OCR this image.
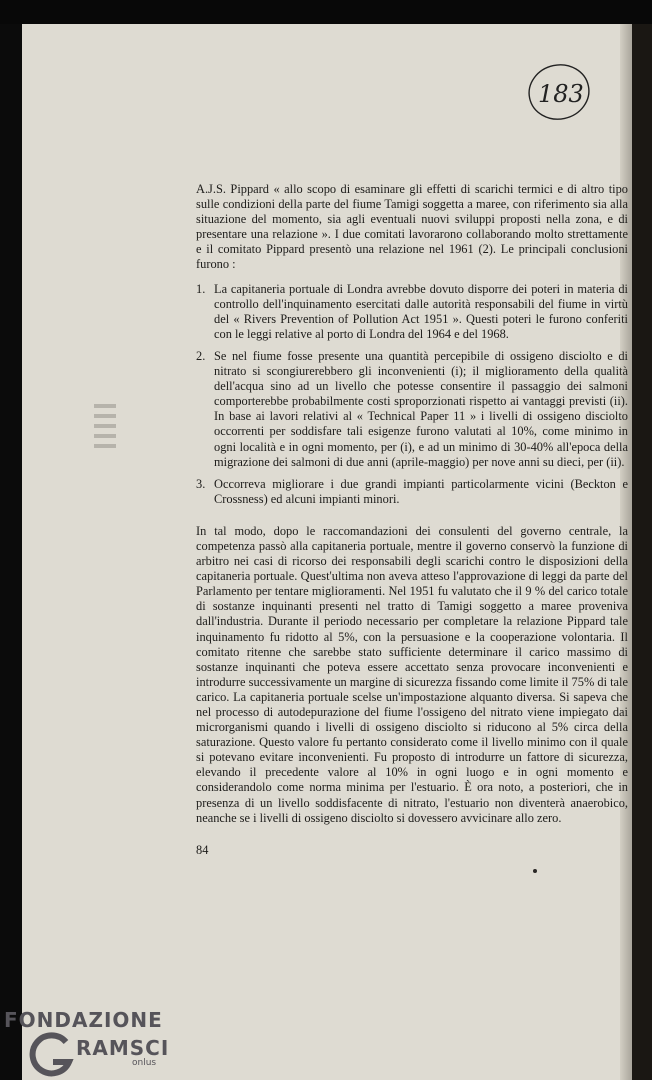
183

A.J.S. Pippard « allo scopo di esaminare gli effetti di scarichi termici e di altro tipo sulle condizioni della parte del fiume Tamigi soggetta a maree, con riferimento sia alla situazione del momento, sia agli eventuali nuovi sviluppi proposti nella zona, e di presentare una relazione ». I due comitati lavorarono collaborando molto strettamente e il comitato Pippard presentò una relazione nel 1961 (2). Le principali conclusioni furono :

1. La capitaneria portuale di Londra avrebbe dovuto disporre dei poteri in materia di controllo dell'inquinamento esercitati dalle autorità responsabili del fiume in virtù del « Rivers Prevention of Pollution Act 1951 ». Questi poteri le furono conferiti con le leggi relative al porto di Londra del 1964 e del 1968.
2. Se nel fiume fosse presente una quantità percepibile di ossigeno disciolto e di nitrato si scongiurerebbero gli inconvenienti (i); il miglioramento della qualità dell'acqua sino ad un livello che potesse consentire il passaggio dei salmoni comporterebbe probabilmente costi sproporzionati rispetto ai vantaggi previsti (ii). In base ai lavori relativi al « Technical Paper 11 » i livelli di ossigeno disciolto occorrenti per soddisfare tali esigenze furono valutati al 10%, come minimo in ogni località e in ogni momento, per (i), e ad un minimo di 30-40% all'epoca della migrazione dei salmoni di due anni (aprile-maggio) per nove anni su dieci, per (ii).
3. Occorreva migliorare i due grandi impianti particolarmente vicini (Beckton e Crossness) ed alcuni impianti minori.

In tal modo, dopo le raccomandazioni dei consulenti del governo centrale, la competenza passò alla capitaneria portuale, mentre il governo conservò la funzione di arbitro nei casi di ricorso dei responsabili degli scarichi contro le disposizioni della capitaneria portuale. Quest'ultima non aveva atteso l'approvazione di leggi da parte del Parlamento per tentare miglioramenti. Nel 1951 fu valutato che il 9 % del carico totale di sostanze inquinanti presenti nel tratto di Tamigi soggetto a maree proveniva dall'industria. Durante il periodo necessario per completare la relazione Pippard tale inquinamento fu ridotto al 5%, con la persuasione e la cooperazione volontaria. Il comitato ritenne che sarebbe stato sufficiente determinare il carico massimo di sostanze inquinanti che poteva essere accettato senza provocare inconvenienti e introdurre successivamente un margine di sicurezza fissando come limite il 75% di tale carico. La capitaneria portuale scelse un'impostazione alquanto diversa. Si sapeva che nel processo di autodepurazione del fiume l'ossigeno del nitrato viene impiegato dai microrganismi quando i livelli di ossigeno disciolto si riducono al 5% circa della saturazione. Questo valore fu pertanto considerato come il livello minimo con il quale si potevano evitare inconvenienti. Fu proposto di introdurre un fattore di sicurezza, elevando il precedente valore al 10% in ogni luogo e in ogni momento e considerandolo come norma minima per l'estuario. È ora noto, a posteriori, che in presenza di un livello soddisfacente di nitrato, l'estuario non diventerà anaerobico, neanche se i livelli di ossigeno disciolto si dovessero avvicinare allo zero.

84
FONDAZIONE
RAMSCI
onlus
